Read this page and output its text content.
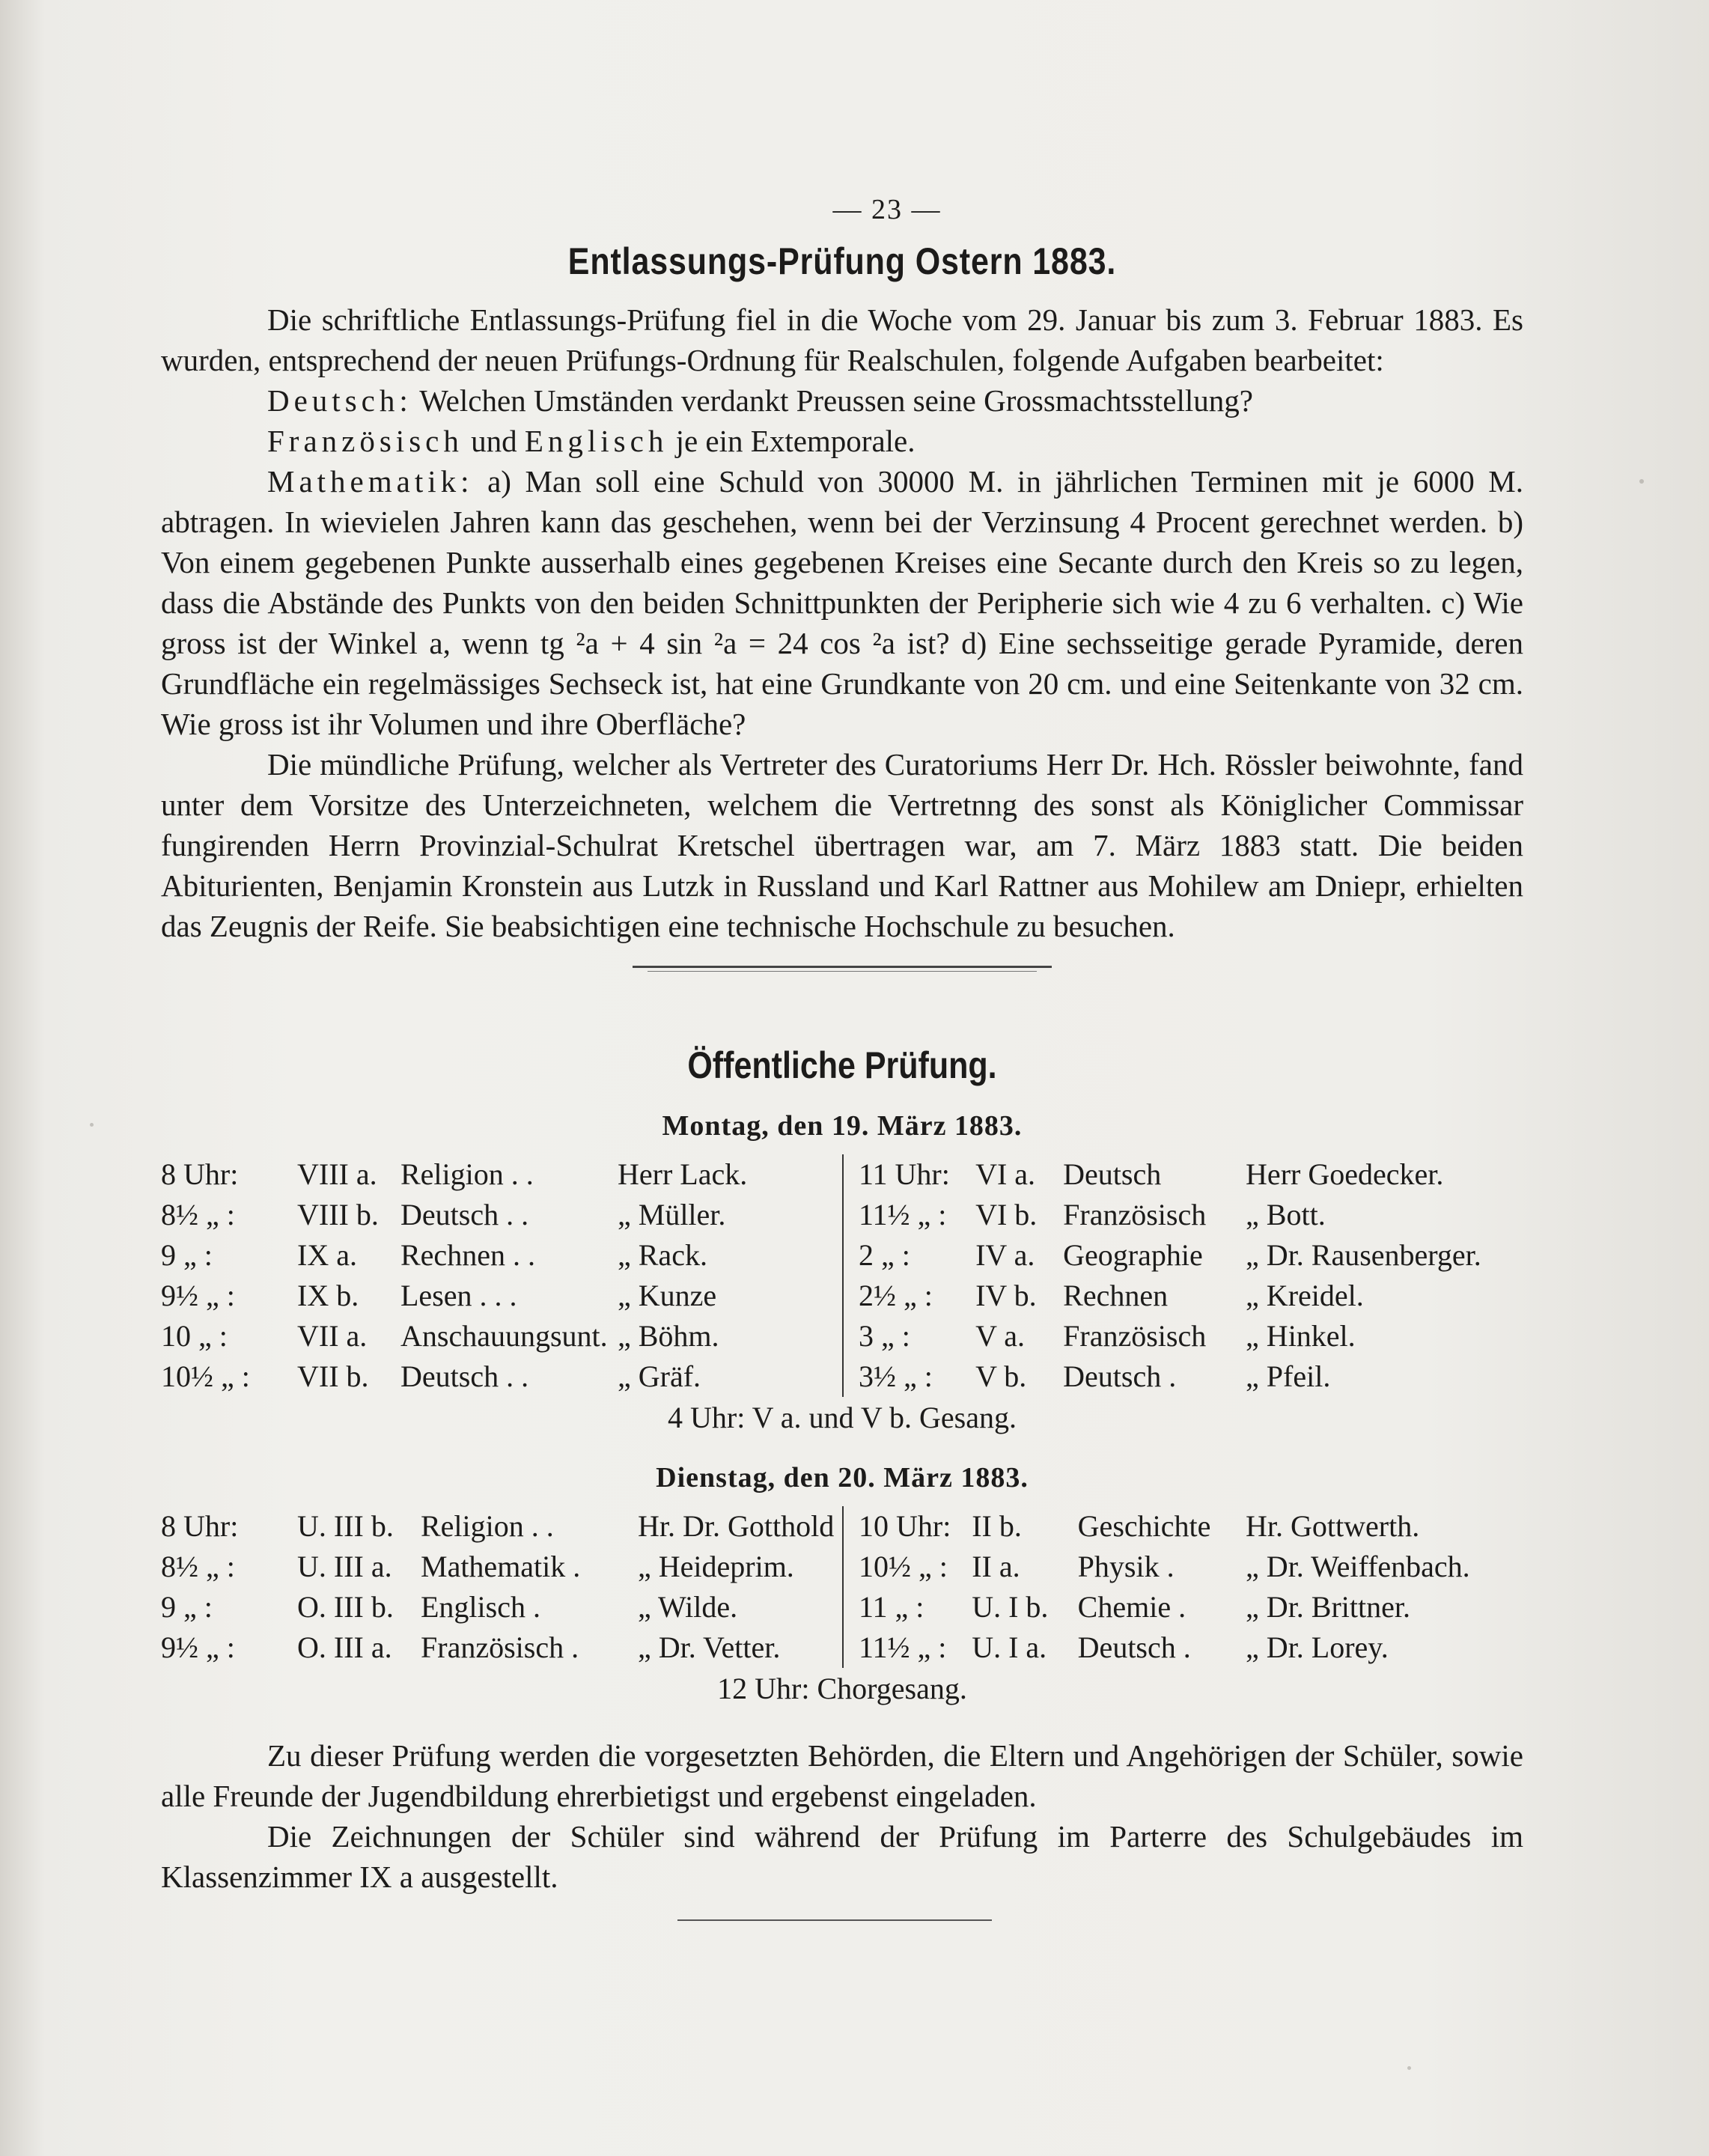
— 23 —
Entlassungs-Prüfung Ostern 1883.

Die schriftliche Entlassungs-Prüfung fiel in die Woche vom 29. Januar bis zum 3. Februar 1883. Es wurden, entsprechend der neuen Prüfungs-Ordnung für Realschulen, folgende Aufgaben bearbeitet:

Deutsch: Welchen Umständen verdankt Preussen seine Grossmachtsstellung?

Französisch und Englisch je ein Extemporale.

Mathematik: a) Man soll eine Schuld von 30000 M. in jährlichen Terminen mit je 6000 M. abtragen. In wievielen Jahren kann das geschehen, wenn bei der Verzinsung 4 Procent gerechnet werden. b) Von einem gegebenen Punkte ausserhalb eines gegebenen Kreises eine Secante durch den Kreis so zu legen, dass die Abstände des Punkts von den beiden Schnittpunkten der Peripherie sich wie 4 zu 6 verhalten. c) Wie gross ist der Winkel a, wenn tg ²a + 4 sin ²a = 24 cos ²a ist? d) Eine sechsseitige gerade Pyramide, deren Grundfläche ein regelmässiges Sechseck ist, hat eine Grundkante von 20 cm. und eine Seitenkante von 32 cm. Wie gross ist ihr Volumen und ihre Oberfläche?

Die mündliche Prüfung, welcher als Vertreter des Curatoriums Herr Dr. Hch. Rössler beiwohnte, fand unter dem Vorsitze des Unterzeichneten, welchem die Vertretnng des sonst als Königlicher Commissar fungirenden Herrn Provinzial-Schulrat Kretschel übertragen war, am 7. März 1883 statt. Die beiden Abiturienten, Benjamin Kronstein aus Lutzk in Russland und Karl Rattner aus Mohilew am Dniepr, erhielten das Zeugnis der Reife. Sie beabsichtigen eine technische Hochschule zu besuchen.

Öffentliche Prüfung.
Montag, den 19. März 1883.
8 Uhr:	VIII a. Religion . .	Herr Lack.
8½ „ :	VIII b. Deutsch . .	„ Müller.
9 „ :	IX a.	Rechnen . .	„ Rack.
9½ „ :	IX b.	Lesen . . .	„ Kunze
10 „ :	VII a.	Anschauungsunt. „ Böhm.
10½ „ :	VII b.	Deutsch . .	„ Gräf.
11 Uhr: VI a. Deutsch	Herr Goedecker.
11½ „ : VI b. Französisch	„ Bott.
2 „ :	IV a. Geographie	„ Dr. Rausenberger.
2½ „ :	IV b. Rechnen	„ Kreidel.
3 „ :	V a.	Französisch	„ Hinkel.
3½ „ :	V b.	Deutsch .	„ Pfeil.
4 Uhr: V a. und V b. Gesang.
Dienstag, den 20. März 1883.
8 Uhr:	U. III b. Religion . .	Hr. Dr. Gotthold
8½ „ :	U. III a. Mathematik .	„ Heideprim.
9 „ :	O. III b. Englisch .	„ Wilde.
9½ „ :	O. III a. Französisch .	„ Dr. Vetter.
10 Uhr: II b.	Geschichte	Hr. Gottwerth.
10½ „ : II a.	Physik .	„ Dr. Weiffenbach.
11 „ :	U. I b. Chemie .	„ Dr. Brittner.
11½ „ : U. I a.	Deutsch .	„ Dr. Lorey.
12 Uhr: Chorgesang.

Zu dieser Prüfung werden die vorgesetzten Behörden, die Eltern und Angehörigen der Schüler, sowie alle Freunde der Jugendbildung ehrerbietigst und ergebenst eingeladen.

Die Zeichnungen der Schüler sind während der Prüfung im Parterre des Schulgebäudes im Klassenzimmer IX a ausgestellt.
